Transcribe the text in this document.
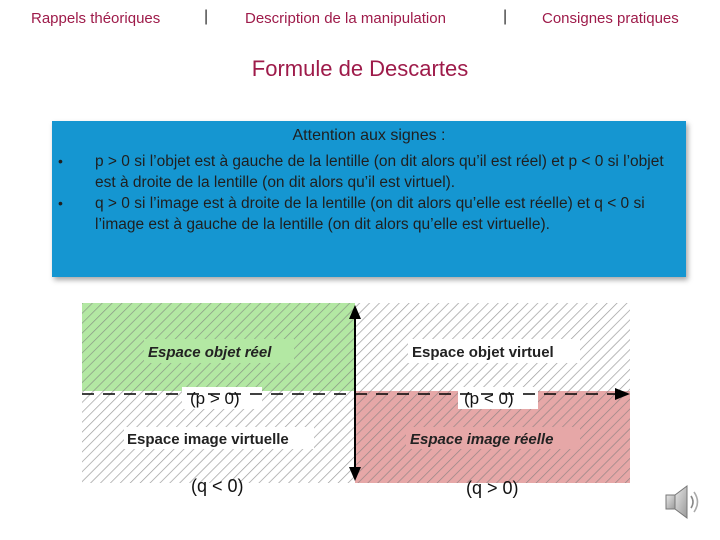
Rappels théoriques	| Description de la manipulation	| Consignes pratiques
Formule de Descartes
Attention aux signes :
• p > 0 si l’objet est à gauche de la lentille (on dit alors qu’il est réel) et p < 0 si l’objet est à droite de la lentille (on dit alors qu’il est virtuel).
• q > 0 si l’image est à droite de la lentille (on dit alors qu’elle est réelle) et q < 0 si l’image est à gauche de la lentille (on dit alors qu’elle est virtuelle).
Espace objet réel	Espace objet virtuel
Espace image virtuelle	Espace image réelle
(p > 0)	(p < 0)
(q < 0)	(q > 0)
